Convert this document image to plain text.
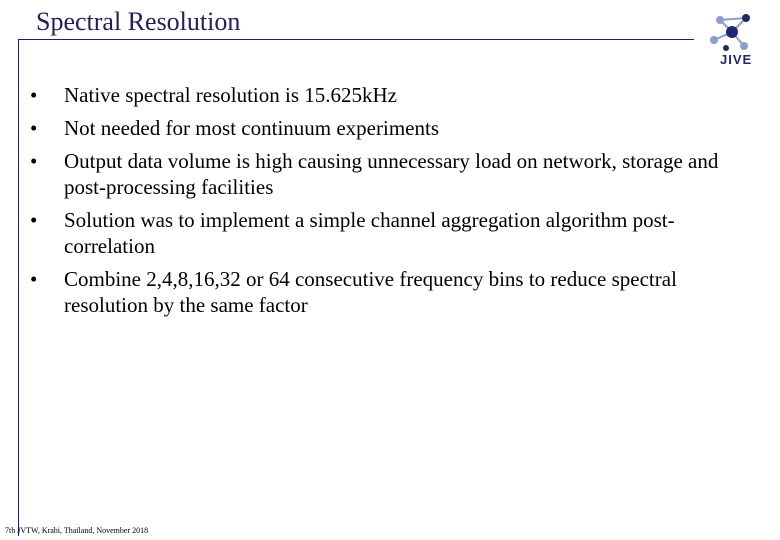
Spectral Resolution
JIVE
• Native spectral resolution is 15.625kHz
• Not needed for most continuum experiments
• Output data volume is high causing unnecessary load on network, storage and post-processing facilities
• Solution was to implement a simple channel aggregation algorithm post-correlation
• Combine 2,4,8,16,32 or 64 consecutive frequency bins to reduce spectral resolution by the same factor
7th JVTW, Krabi, Thailand, November 2018
